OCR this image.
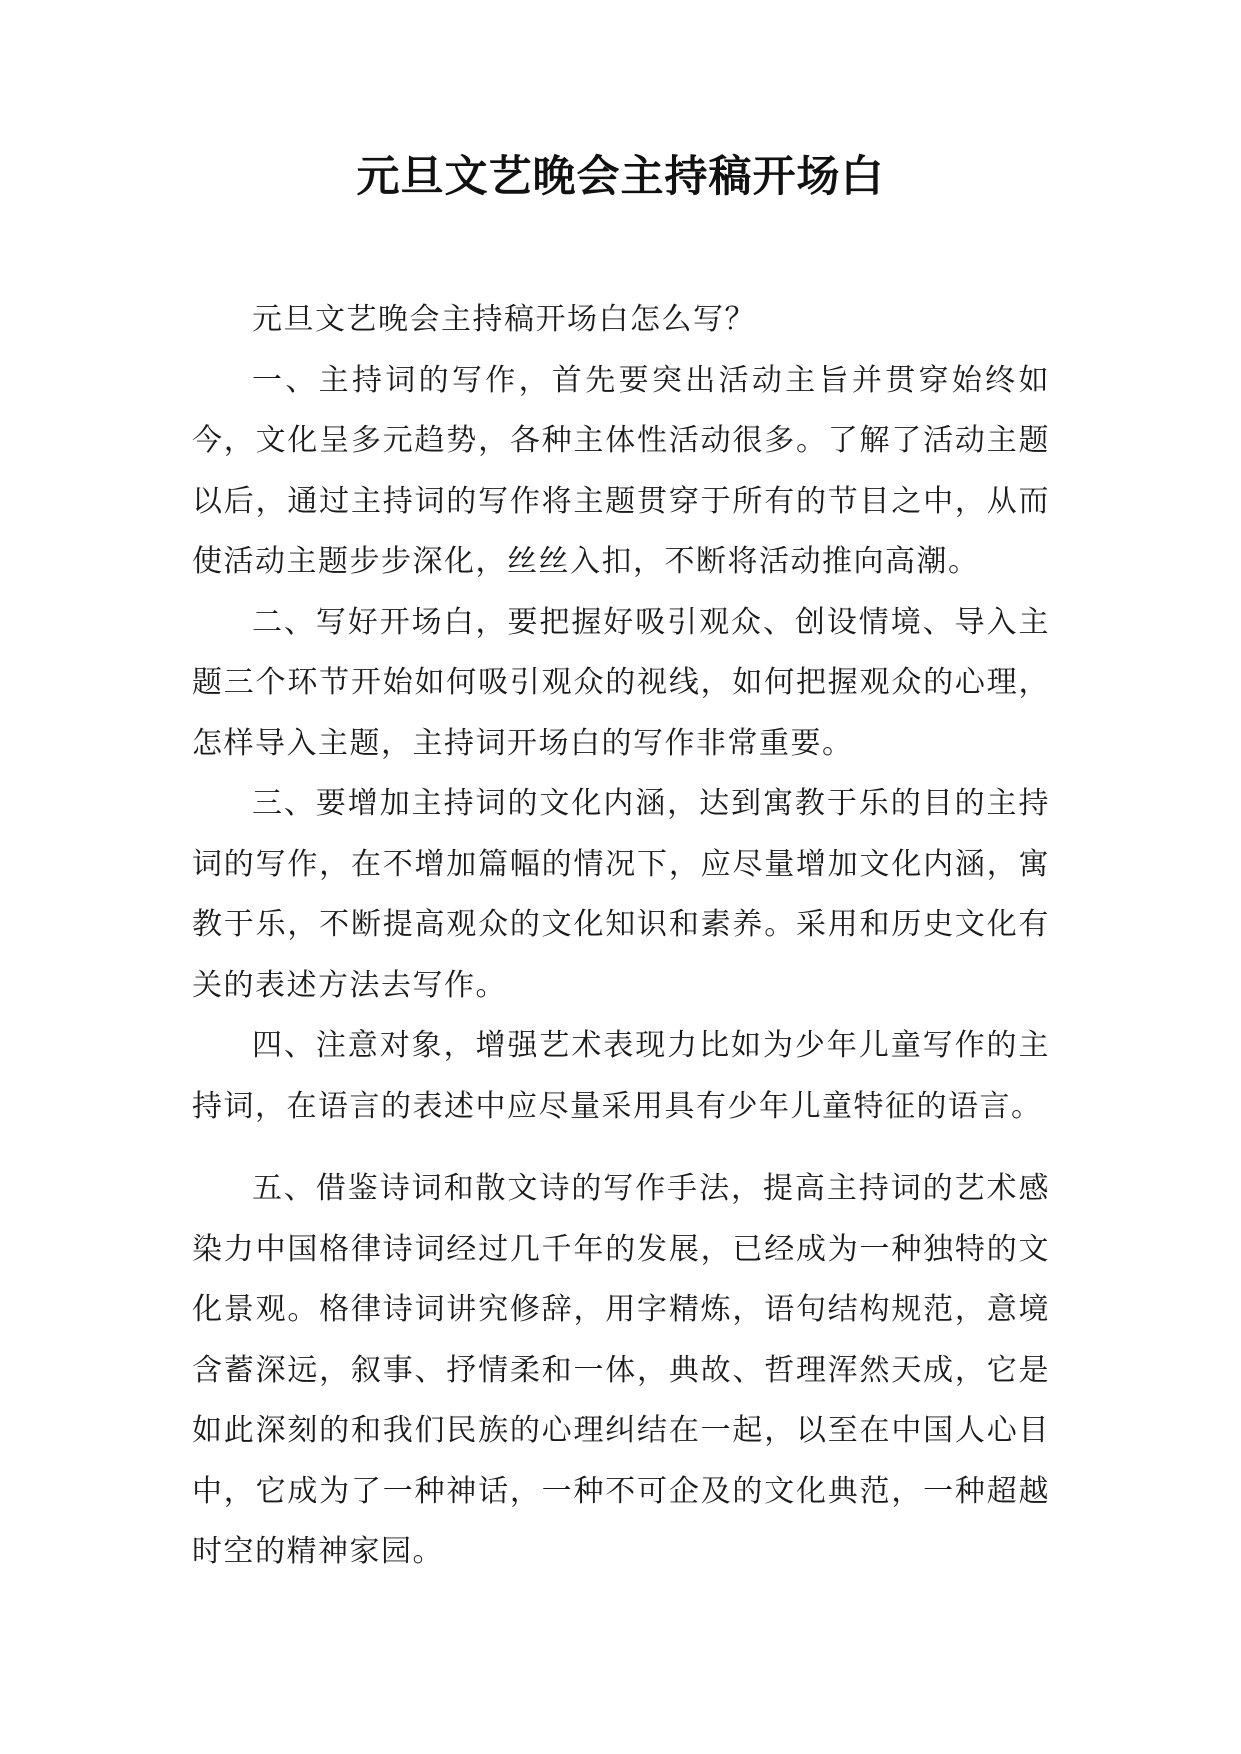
元旦文艺晚会主持稿开场白

元旦文艺晚会主持稿开场白怎么写？

一、主持词的写作，首先要突出活动主旨并贯穿始终如今，文化呈多元趋势，各种主体性活动很多。了解了活动主题以后，通过主持词的写作将主题贯穿于所有的节目之中，从而使活动主题步步深化，丝丝入扣，不断将活动推向高潮。

二、写好开场白，要把握好吸引观众、创设情境、导入主题三个环节开始如何吸引观众的视线，如何把握观众的心理，怎样导入主题，主持词开场白的写作非常重要。

三、要增加主持词的文化内涵，达到寓教于乐的目的主持词的写作，在不增加篇幅的情况下，应尽量增加文化内涵，寓教于乐，不断提高观众的文化知识和素养。采用和历史文化有关的表述方法去写作。

四、注意对象，增强艺术表现力比如为少年儿童写作的主持词，在语言的表述中应尽量采用具有少年儿童特征的语言。

五、借鉴诗词和散文诗的写作手法，提高主持词的艺术感染力中国格律诗词经过几千年的发展，已经成为一种独特的文化景观。格律诗词讲究修辞，用字精炼，语句结构规范，意境含蓄深远，叙事、抒情柔和一体，典故、哲理浑然天成，它是如此深刻的和我们民族的心理纠结在一起，以至在中国人心目中，它成为了一种神话，一种不可企及的文化典范，一种超越时空的精神家园。
